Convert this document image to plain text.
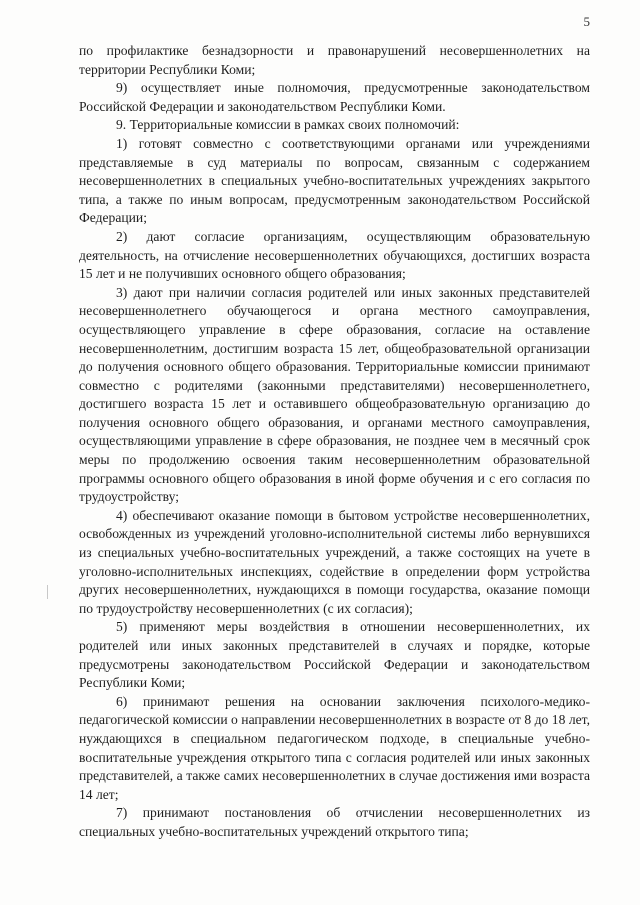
5

по профилактике безнадзорности и правонарушений несовершеннолетних на территории Республики Коми;

9) осуществляет иные полномочия, предусмотренные законодательством Российской Федерации и законодательством Республики Коми.

9. Территориальные комиссии в рамках своих полномочий:

1) готовят совместно с соответствующими органами или учреждениями представляемые в суд материалы по вопросам, связанным с содержанием несовершеннолетних в специальных учебно-воспитательных учреждениях закрытого типа, а также по иным вопросам, предусмотренным законодательством Российской Федерации;

2) дают согласие организациям, осуществляющим образовательную деятельность, на отчисление несовершеннолетних обучающихся, достигших возраста 15 лет и не получивших основного общего образования;

3) дают при наличии согласия родителей или иных законных представителей несовершеннолетнего обучающегося и органа местного самоуправления, осуществляющего управление в сфере образования, согласие на оставление несовершеннолетним, достигшим возраста 15 лет, общеобразовательной организации до получения основного общего образования. Территориальные комиссии принимают совместно с родителями (законными представителями) несовершеннолетнего, достигшего возраста 15 лет и оставившего общеобразовательную организацию до получения основного общего образования, и органами местного самоуправления, осуществляющими управление в сфере образования, не позднее чем в месячный срок меры по продолжению освоения таким несовершеннолетним образовательной программы основного общего образования в иной форме обучения и с его согласия по трудоустройству;

4) обеспечивают оказание помощи в бытовом устройстве несовершеннолетних, освобожденных из учреждений уголовно-исполнительной системы либо вернувшихся из специальных учебно-воспитательных учреждений, а также состоящих на учете в уголовно-исполнительных инспекциях, содействие в определении форм устройства других несовершеннолетних, нуждающихся в помощи государства, оказание помощи по трудоустройству несовершеннолетних (с их согласия);

5) применяют меры воздействия в отношении несовершеннолетних, их родителей или иных законных представителей в случаях и порядке, которые предусмотрены законодательством Российской Федерации и законодательством Республики Коми;

6) принимают решения на основании заключения психолого-медико-педагогической комиссии о направлении несовершеннолетних в возрасте от 8 до 18 лет, нуждающихся в специальном педагогическом подходе, в специальные учебно-воспитательные учреждения открытого типа с согласия родителей или иных законных представителей, а также самих несовершеннолетних в случае достижения ими возраста 14 лет;

7) принимают постановления об отчислении несовершеннолетних из специальных учебно-воспитательных учреждений открытого типа;
